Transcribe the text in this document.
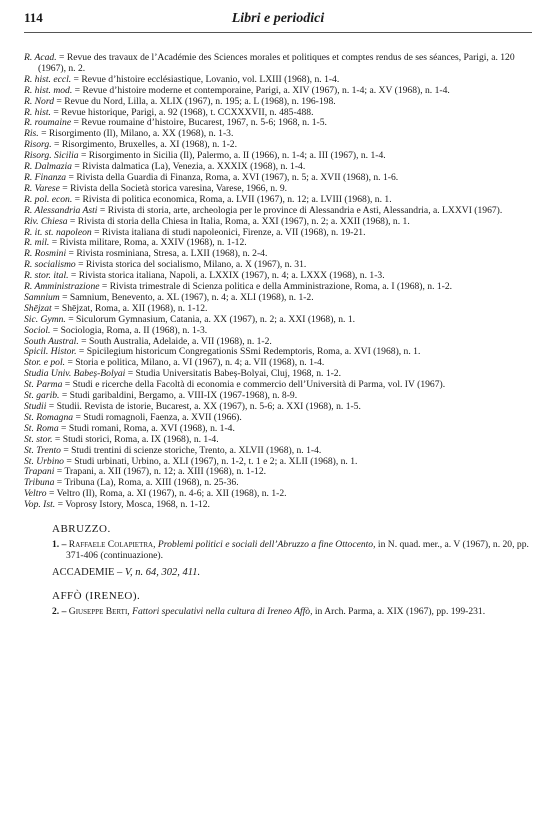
114	Libri e periodici
R. Acad. = Revue des travaux de l’Académie des Sciences morales et politiques et comptes rendus de ses séances, Parigi, a. 120 (1967), n. 2.
R. hist. eccl. = Revue d’histoire ecclésiastique, Lovanio, vol. LXIII (1968), n. 1-4.
R. hist. mod. = Revue d’histoire moderne et contemporaine, Parigi, a. XIV (1967), n. 1-4; a. XV (1968), n. 1-4.
R. Nord = Revue du Nord, Lilla, a. XLIX (1967), n. 195; a. L (1968), n. 196-198.
R. hist. = Revue historique, Parigi, a. 92 (1968), t. CCXXXVII, n. 485-488.
R. roumaine = Revue roumaine d’histoire, Bucarest, 1967, n. 5-6; 1968, n. 1-5.
Ris. = Risorgimento (Il), Milano, a. XX (1968), n. 1-3.
Risorg. = Risorgimento, Bruxelles, a. XI (1968), n. 1-2.
Risorg. Sicilia = Risorgimento in Sicilia (Il), Palermo, a. II (1966), n. 1-4; a. III (1967), n. 1-4.
R. Dalmazia = Rivista dalmatica (La), Venezia, a. XXXIX (1968), n. 1-4.
R. Finanza = Rivista della Guardia di Finanza, Roma, a. XVI (1967), n. 5; a. XVII (1968), n. 1-6.
R. Varese = Rivista della Società storica varesina, Varese, 1966, n. 9.
R. pol. econ. = Rivista di politica economica, Roma, a. LVII (1967), n. 12; a. LVIII (1968), n. 1.
R. Alessandria Asti = Rivista di storia, arte, archeologia per le province di Alessandria e Asti, Alessandria, a. LXXVI (1967).
Riv. Chiesa = Rivista di storia della Chiesa in Italia, Roma, a. XXI (1967), n. 2; a. XXII (1968), n. 1.
R. it. st. napoleon = Rivista italiana di studi napoleonici, Firenze, a. VII (1968), n. 19-21.
R. mil. = Rivista militare, Roma, a. XXIV (1968), n. 1-12.
R. Rosmini = Rivista rosminiana, Stresa, a. LXII (1968), n. 2-4.
R. socialismo = Rivista storica del socialismo, Milano, a. X (1967), n. 31.
R. stor. ital. = Rivista storica italiana, Napoli, a. LXXIX (1967), n. 4; a. LXXX (1968), n. 1-3.
R. Amministrazione = Rivista trimestrale di Scienza politica e della Amministrazione, Roma, a. I (1968), n. 1-2.
Samnium = Samnium, Benevento, a. XL (1967), n. 4; a. XLI (1968), n. 1-2.
Shējzat = Shējzat, Roma, a. XII (1968), n. 1-12.
Sic. Gymn. = Siculorum Gymnasium, Catania, a. XX (1967), n. 2; a. XXI (1968), n. 1.
Sociol. = Sociologia, Roma, a. II (1968), n. 1-3.
South Austral. = South Australia, Adelaide, a. VII (1968), n. 1-2.
Spicil. Histor. = Spicilegium historicum Congregationis SSmi Redemptoris, Roma, a. XVI (1968), n. 1.
Stor. e pol. = Storia e politica, Milano, a. VI (1967), n. 4; a. VII (1968), n. 1-4.
Studia Univ. Babeș-Bolyai = Studia Universitatis Babeș-Bolyai, Cluj, 1968, n. 1-2.
St. Parma = Studi e ricerche della Facoltà di economia e commercio dell’Università di Parma, vol. IV (1967).
St. garib. = Studi garibaldini, Bergamo, a. VIII-IX (1967-1968), n. 8-9.
Studii = Studii. Revista de istorie, Bucarest, a. XX (1967), n. 5-6; a. XXI (1968), n. 1-5.
St. Romagna = Studi romagnoli, Faenza, a. XVII (1966).
St. Roma = Studi romani, Roma, a. XVI (1968), n. 1-4.
St. stor. = Studi storici, Roma, a. IX (1968), n. 1-4.
St. Trento = Studi trentini di scienze storiche, Trento, a. XLVII (1968), n. 1-4.
St. Urbino = Studi urbinati, Urbino, a. XLI (1967), n. 1-2, t. 1 e 2; a. XLII (1968), n. 1.
Trapani = Trapani, a. XII (1967), n. 12; a. XIII (1968), n. 1-12.
Tribuna = Tribuna (La), Roma, a. XIII (1968), n. 25-36.
Veltro = Veltro (Il), Roma, a. XI (1967), n. 4-6; a. XII (1968), n. 1-2.
Vop. Ist. = Voprosy Istory, Mosca, 1968, n. 1-12.
ABRUZZO.

1. – Raffaele Colapietra, Problemi politici e sociali dell’Abruzzo a fine Ottocento, in N. quad. mer., a. V (1967), n. 20, pp. 371-406 (continuazione).

ACCADEMIE – V, n. 64, 302, 411.
AFFÒ (IRENEO).

2. – Giuseppe Berti, Fattori speculativi nella cultura di Ireneo Affò, in Arch. Parma, a. XIX (1967), pp. 199-231.
